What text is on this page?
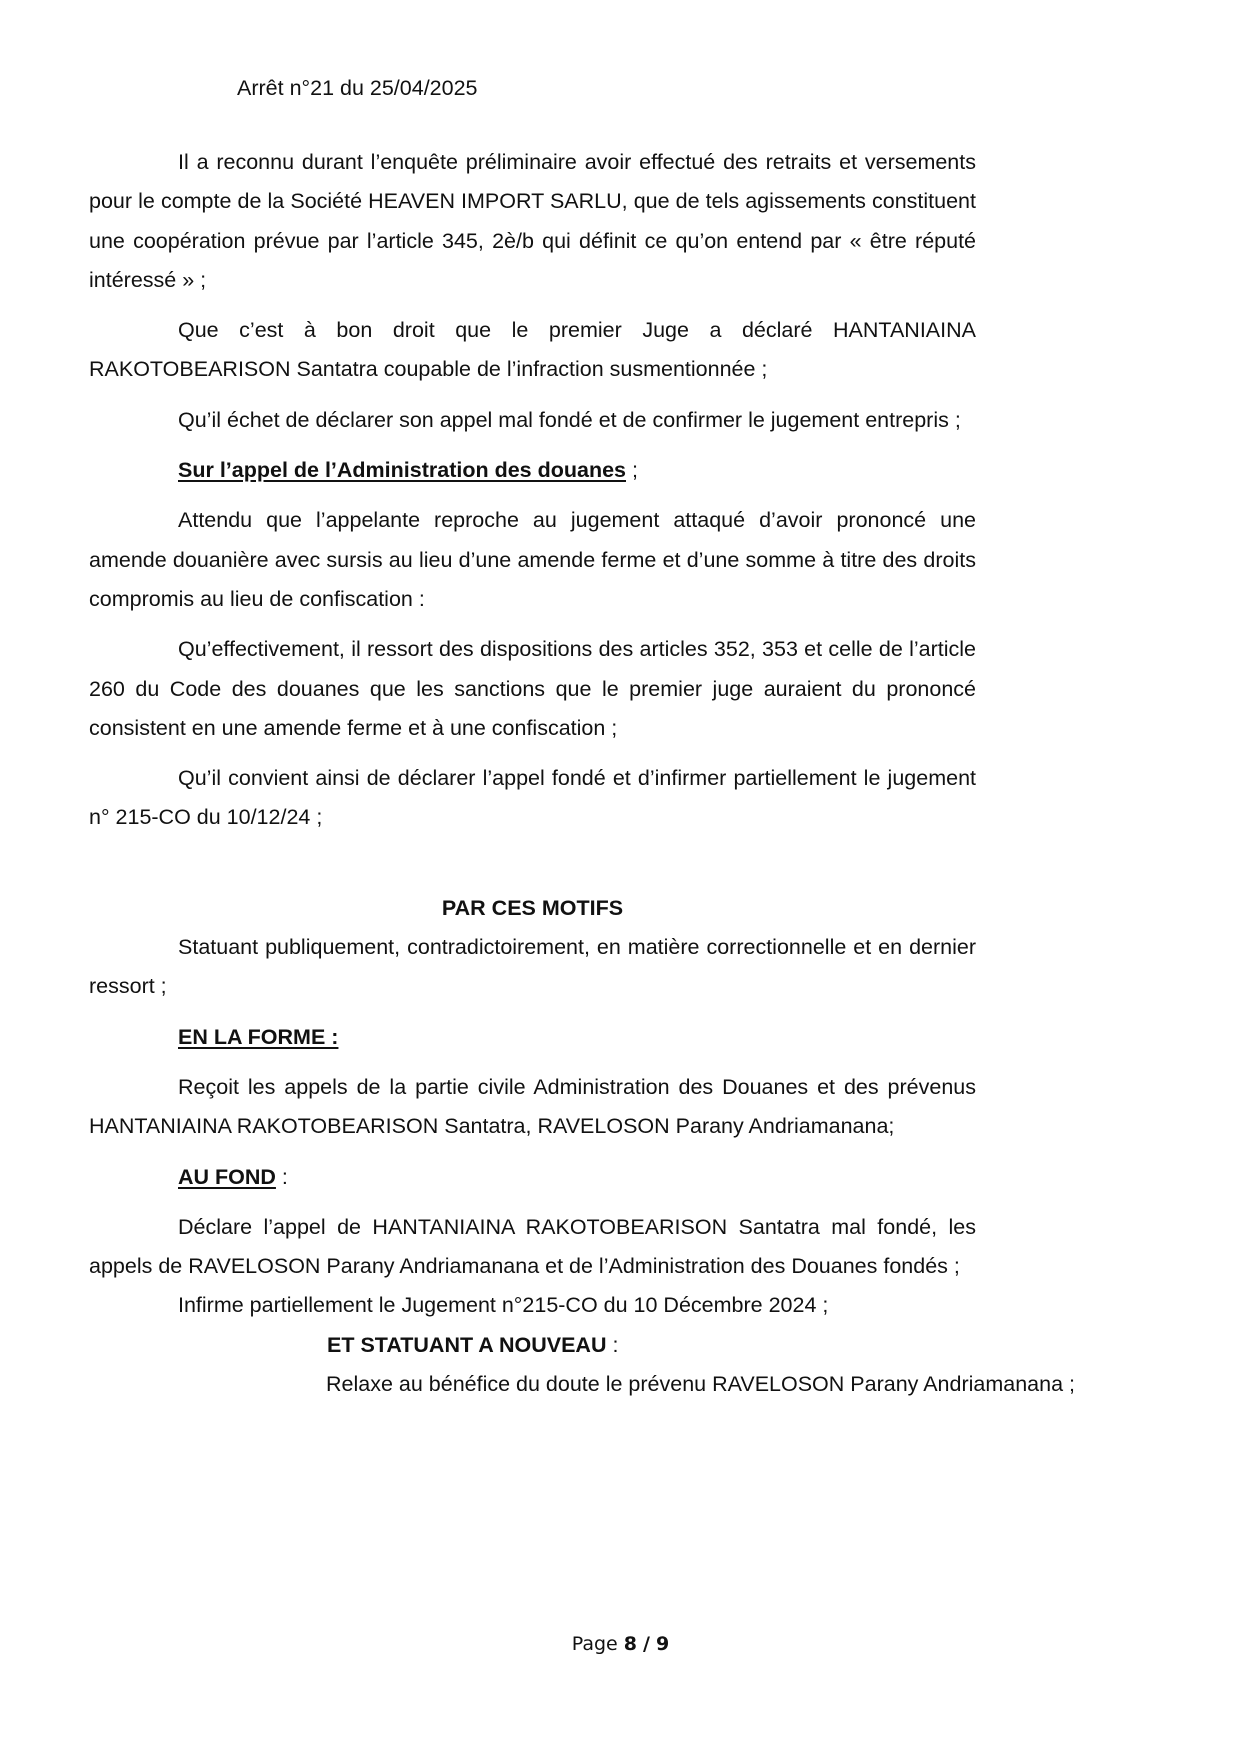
Arrêt n°21 du 25/04/2025

Il a reconnu durant l’enquête préliminaire avoir effectué des retraits et versements pour le compte de la Société HEAVEN IMPORT SARLU, que de tels agissements constituent une coopération prévue par l’article 345, 2è/b qui définit ce qu’on entend par « être réputé intéressé » ;

Que c’est à bon droit que le premier Juge a déclaré HANTANIAINA RAKOTOBEARISON Santatra coupable de l’infraction susmentionnée ;

Qu’il échet de déclarer son appel mal fondé et de confirmer le jugement entrepris ;

Sur l’appel de l’Administration des douanes ;

Attendu que l’appelante reproche au jugement attaqué d’avoir prononcé une amende douanière avec sursis au lieu d’une amende ferme et d’une somme à titre des droits compromis au lieu de confiscation :

Qu’effectivement, il ressort des dispositions des articles 352, 353 et celle de l’article 260 du Code des douanes que les sanctions que le premier juge auraient du prononcé consistent en une amende ferme et à une confiscation ;

Qu’il convient ainsi de déclarer l’appel fondé et d’infirmer partiellement le jugement n° 215-CO du 10/12/24 ;

PAR CES MOTIFS

Statuant publiquement, contradictoirement, en matière correctionnelle et en dernier ressort ;

EN LA FORME :

Reçoit les appels de la partie civile Administration des Douanes et des prévenus HANTANIAINA RAKOTOBEARISON Santatra, RAVELOSON Parany Andriamanana;

AU FOND :

Déclare l’appel de HANTANIAINA RAKOTOBEARISON Santatra mal fondé, les appels de RAVELOSON Parany Andriamanana et de l’Administration des Douanes fondés ;

Infirme partiellement le Jugement n°215-CO du 10 Décembre 2024 ;

ET STATUANT A NOUVEAU :

Relaxe au bénéfice du doute le prévenu RAVELOSON Parany Andriamanana ;

Page 8 / 9
